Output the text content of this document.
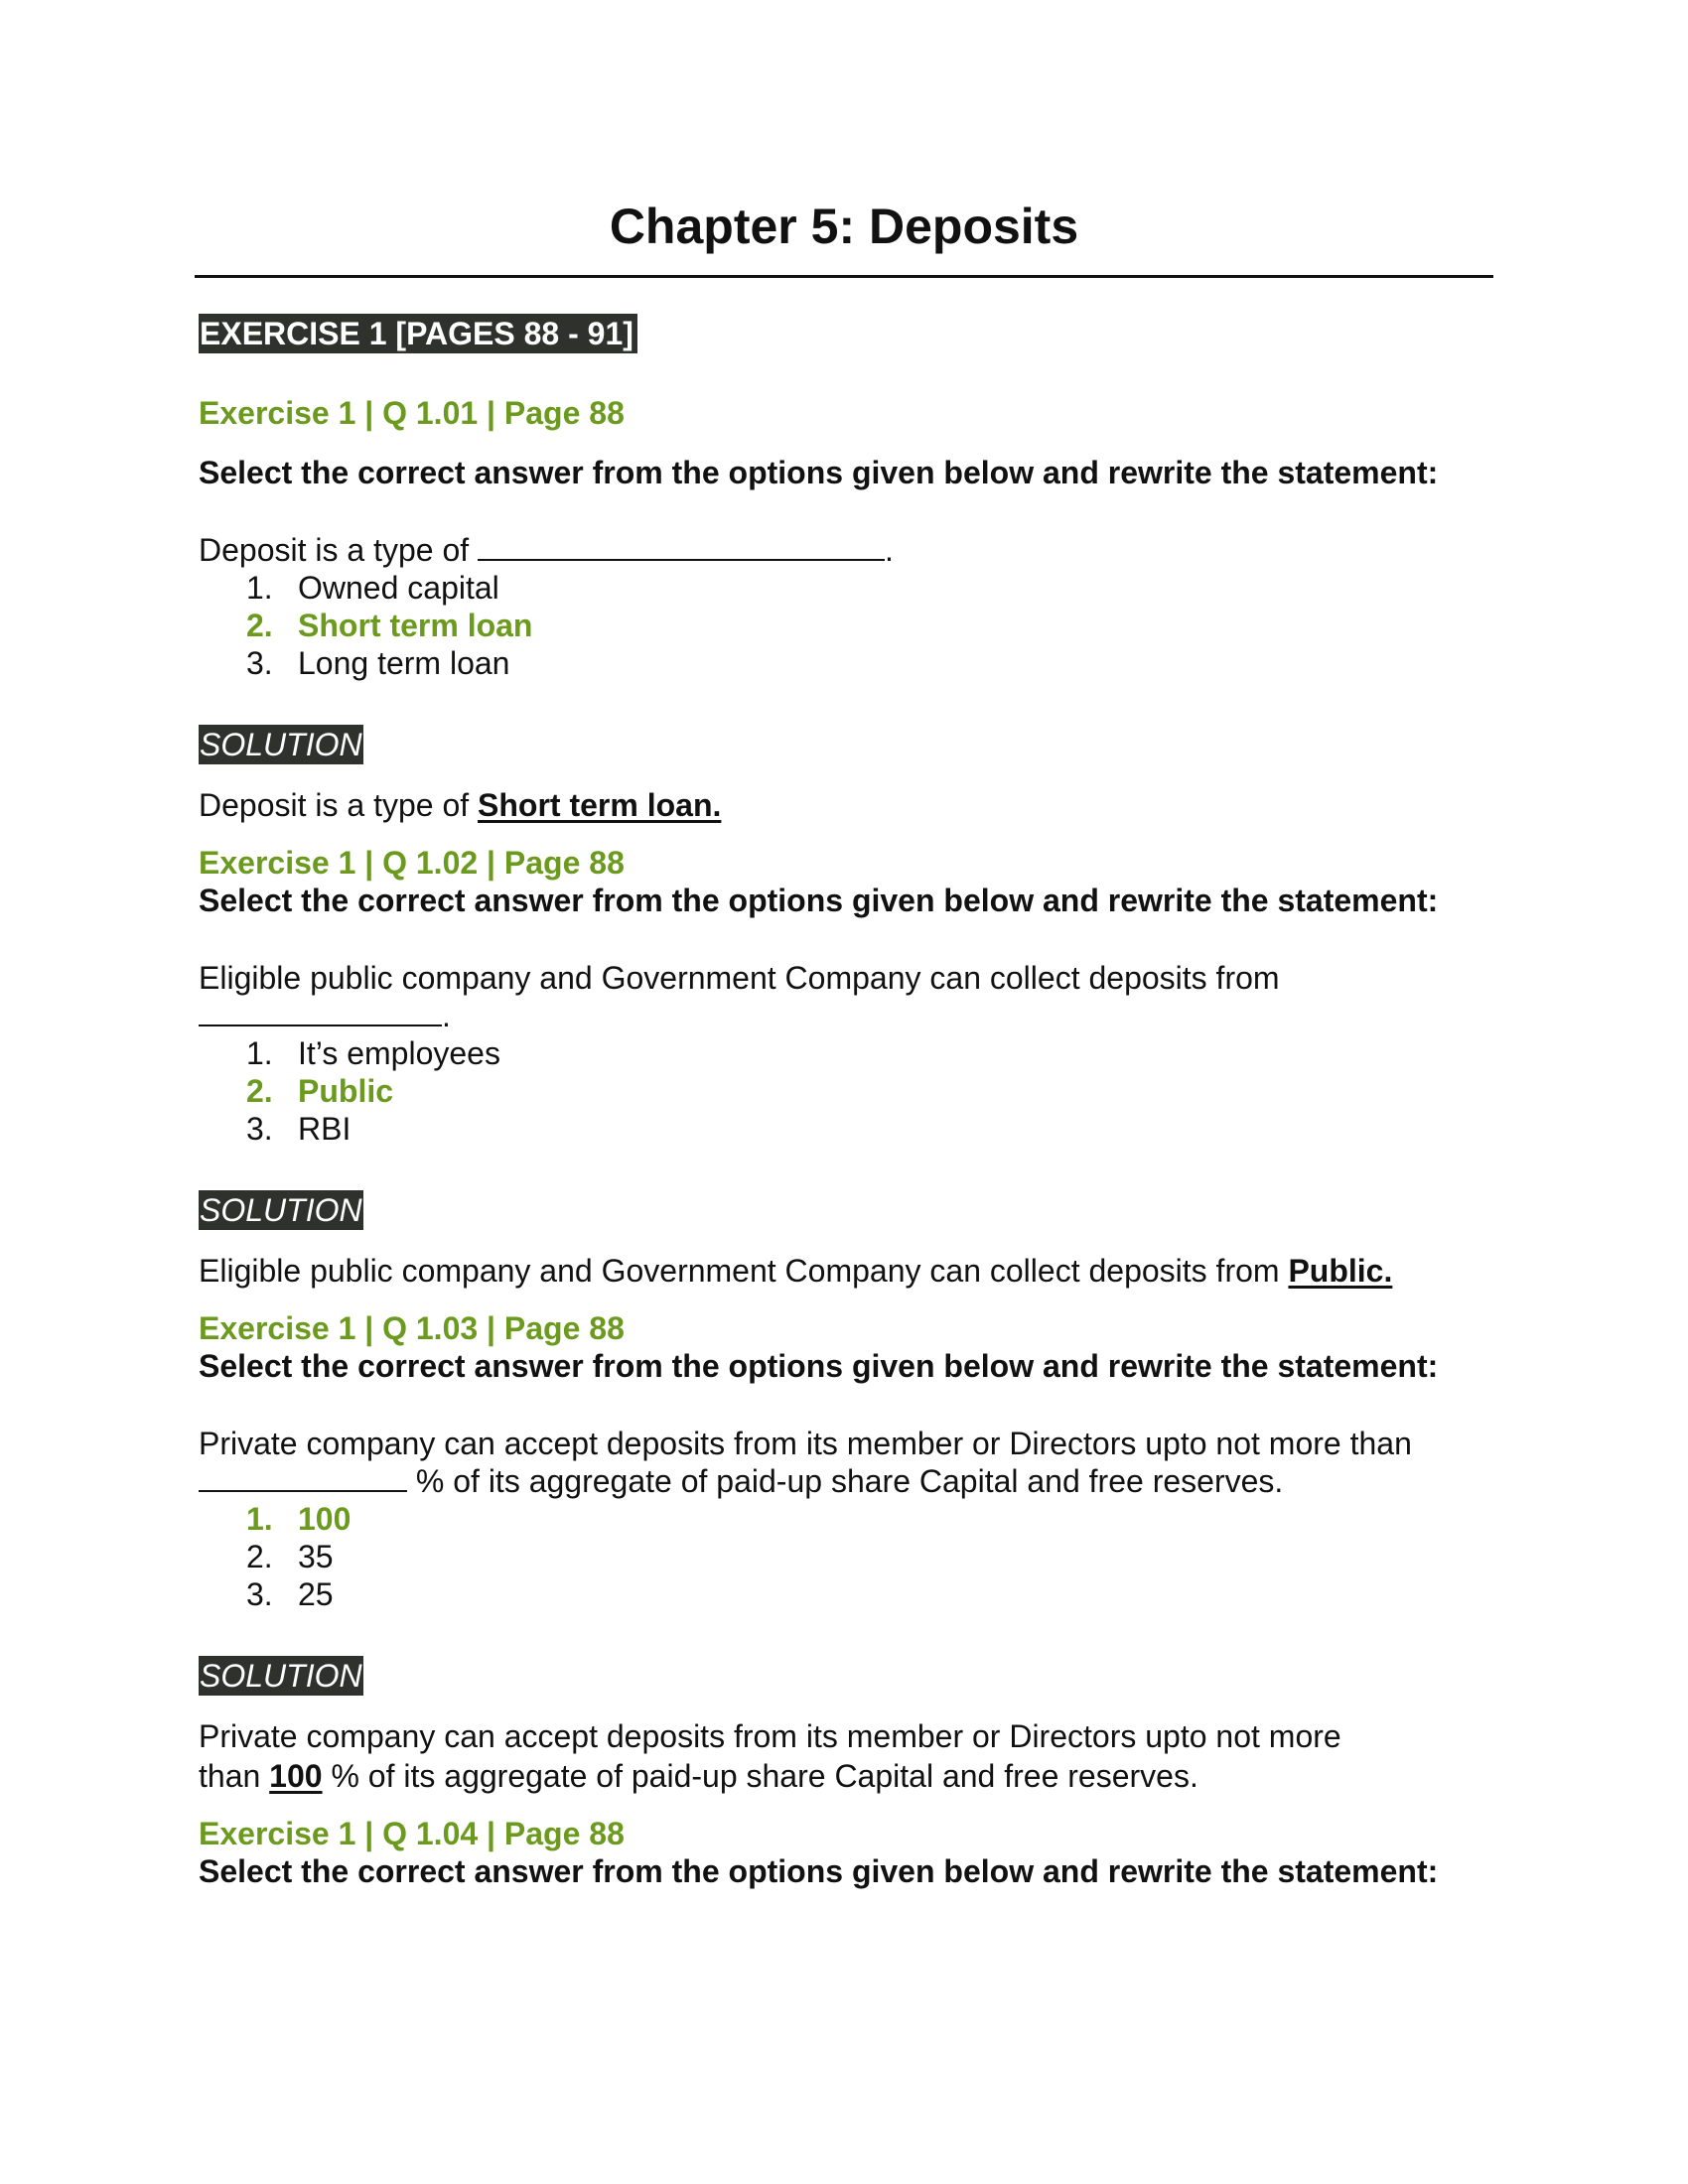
Chapter 5: Deposits
EXERCISE 1 [PAGES 88 - 91]
Exercise 1 | Q 1.01 | Page 88
Select the correct answer from the options given below and rewrite the statement:
Deposit is a type of	.
1. Owned capital
2. Short term loan
3. Long term loan
SOLUTION
Deposit is a type of Short term loan.
Exercise 1 | Q 1.02 | Page 88
Select the correct answer from the options given below and rewrite the statement:
Eligible public company and Government Company can collect deposits from
.
1. It’s employees
2. Public
3. RBI
SOLUTION
Eligible public company and Government Company can collect deposits from Public.
Exercise 1 | Q 1.03 | Page 88
Select the correct answer from the options given below and rewrite the statement:
Private company can accept deposits from its member or Directors upto not more than
% of its aggregate of paid-up share Capital and free reserves.
1. 100
2. 35
3. 25
SOLUTION
Private company can accept deposits from its member or Directors upto not more than 100 % of its aggregate of paid-up share Capital and free reserves.
Exercise 1 | Q 1.04 | Page 88
Select the correct answer from the options given below and rewrite the statement:
